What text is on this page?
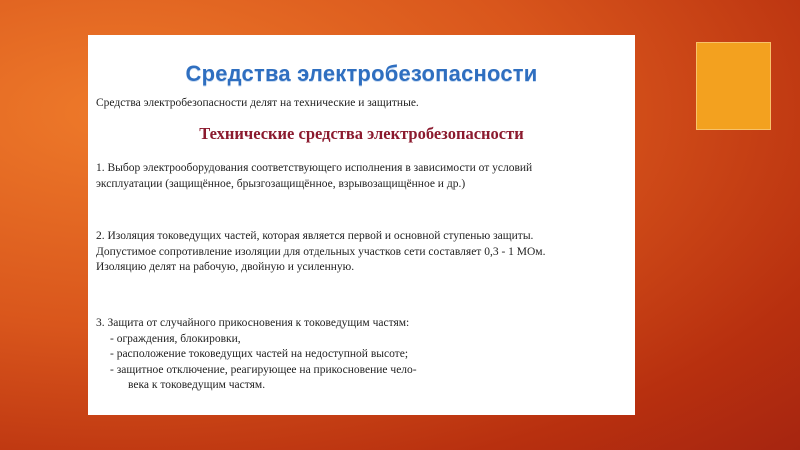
Средства электробезопасности
Средства электробезопасности делят на технические и защитные.
Технические средства электробезопасности
1. Выбор электрооборудования соответствующего исполнения в зависимости от условий
эксплуатации (защищённое, брызгозащищённое, взрывозащищённое и др.)
2. Изоляция токоведущих частей, которая является первой и основной ступенью защиты.
Допустимое сопротивление изоляции для отдельных участков сети составляет 0,3 - 1 МОм.
Изоляцию делят на рабочую, двойную и усиленную.
3. Защита от случайного прикосновения к токоведущим частям:
- ограждения, блокировки,
- расположение токоведущих частей на недоступной высоте;
- защитное отключение, реагирующее на прикосновение чело-
века к токоведущим частям.
